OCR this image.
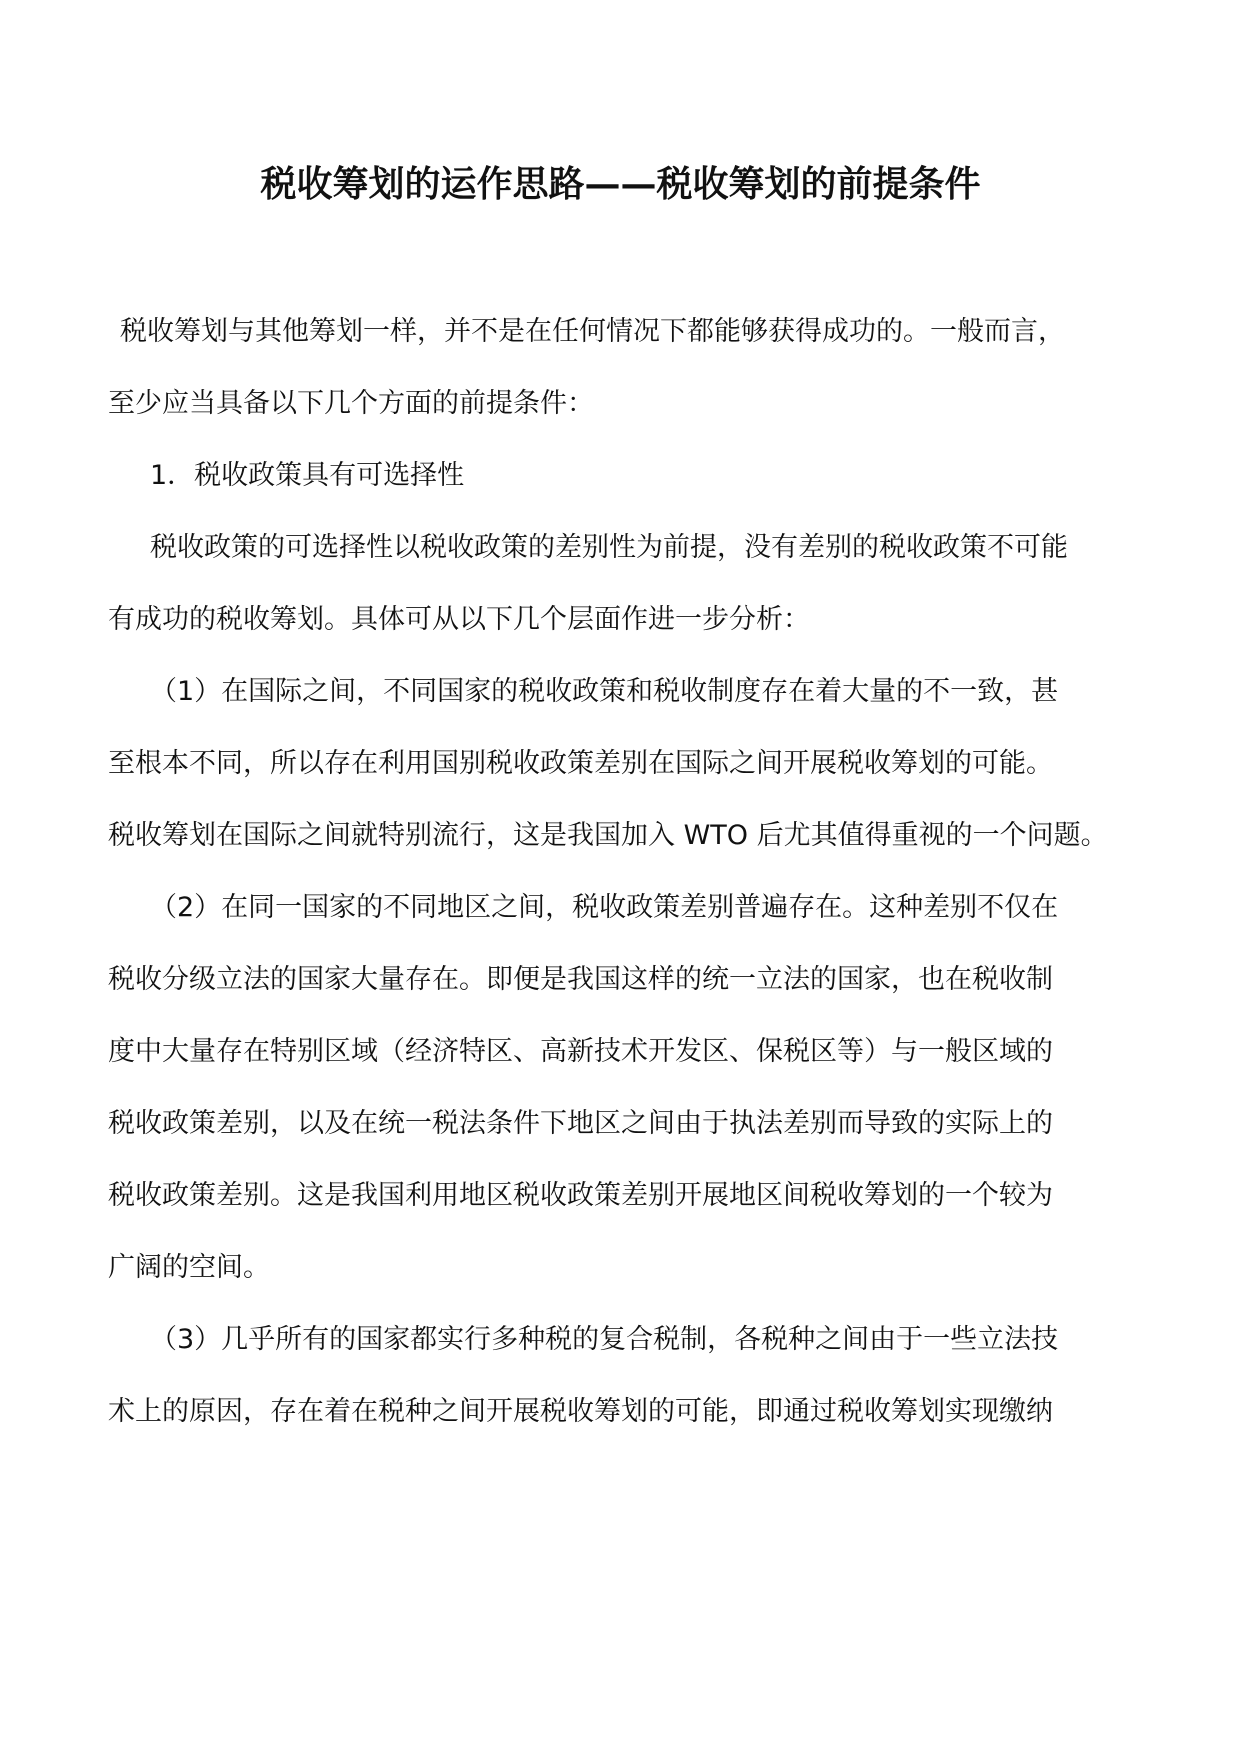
税收筹划的运作思路——税收筹划的前提条件
税收筹划与其他筹划一样，并不是在任何情况下都能够获得成功的。一般而言，
至少应当具备以下几个方面的前提条件：
1．税收政策具有可选择性
税收政策的可选择性以税收政策的差别性为前提，没有差别的税收政策不可能
有成功的税收筹划。具体可从以下几个层面作进一步分析：
（1）在国际之间，不同国家的税收政策和税收制度存在着大量的不一致，甚
至根本不同，所以存在利用国别税收政策差别在国际之间开展税收筹划的可能。
税收筹划在国际之间就特别流行，这是我国加入 WTO 后尤其值得重视的一个问题。
（2）在同一国家的不同地区之间，税收政策差别普遍存在。这种差别不仅在
税收分级立法的国家大量存在。即便是我国这样的统一立法的国家，也在税收制
度中大量存在特别区域（经济特区、高新技术开发区、保税区等）与一般区域的
税收政策差别，以及在统一税法条件下地区之间由于执法差别而导致的实际上的
税收政策差别。这是我国利用地区税收政策差别开展地区间税收筹划的一个较为
广阔的空间。
（3）几乎所有的国家都实行多种税的复合税制，各税种之间由于一些立法技
术上的原因，存在着在税种之间开展税收筹划的可能，即通过税收筹划实现缴纳
